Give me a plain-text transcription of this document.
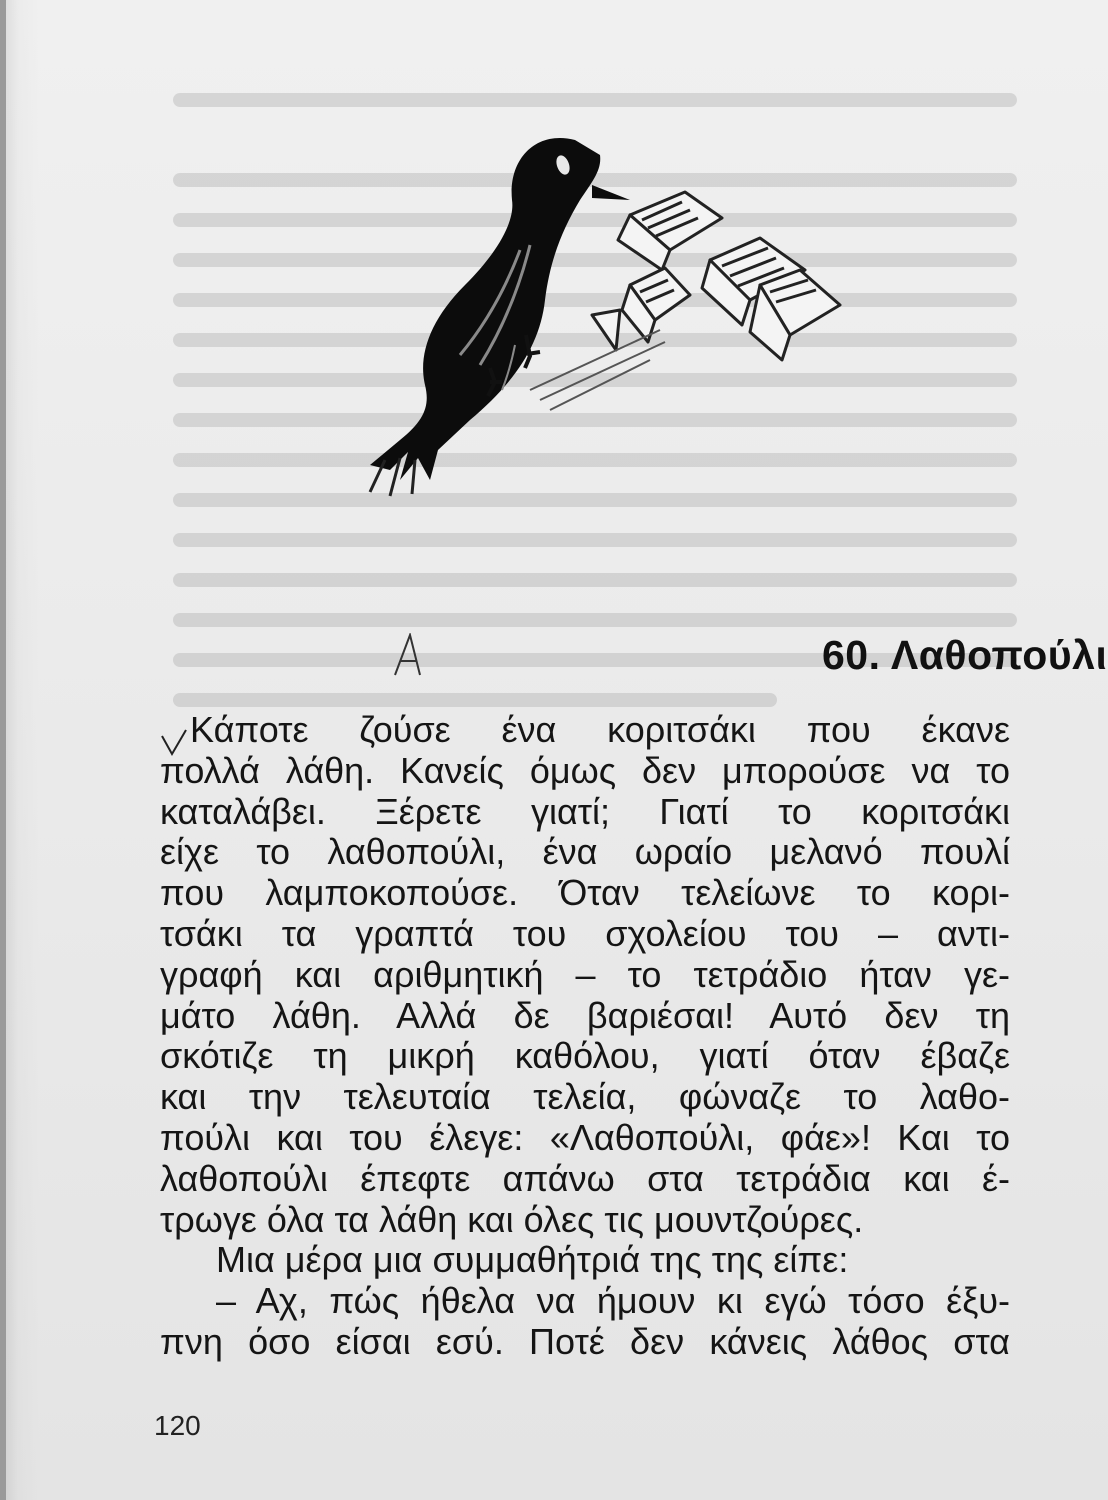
60. Λαθοπούλι
Κάποτε ζούσε ένα κοριτσάκι που έκανε
πολλά λάθη. Κανείς όμως δεν μπορούσε να το
καταλάβει. Ξέρετε γιατί; Γιατί το κοριτσάκι
είχε το λαθοπούλι, ένα ωραίο μελανό πουλί
που λαμποκοπούσε. Όταν τελείωνε το κορι-
τσάκι τα γραπτά του σχολείου του – αντι-
γραφή και αριθμητική – το τετράδιο ήταν γε-
μάτο λάθη. Αλλά δε βαριέσαι! Αυτό δεν τη
σκότιζε τη μικρή καθόλου, γιατί όταν έβαζε
και την τελευταία τελεία, φώναζε το λαθο-
πούλι και του έλεγε: «Λαθοπούλι, φάε»! Και το
λαθοπούλι έπεφτε απάνω στα τετράδια και έ-
τρωγε όλα τα λάθη και όλες τις μουντζούρες.
Μια μέρα μια συμμαθήτριά της της είπε:
– Αχ, πώς ήθελα να ήμουν κι εγώ τόσο έξυ-
πνη όσο είσαι εσύ. Ποτέ δεν κάνεις λάθος στα
120
